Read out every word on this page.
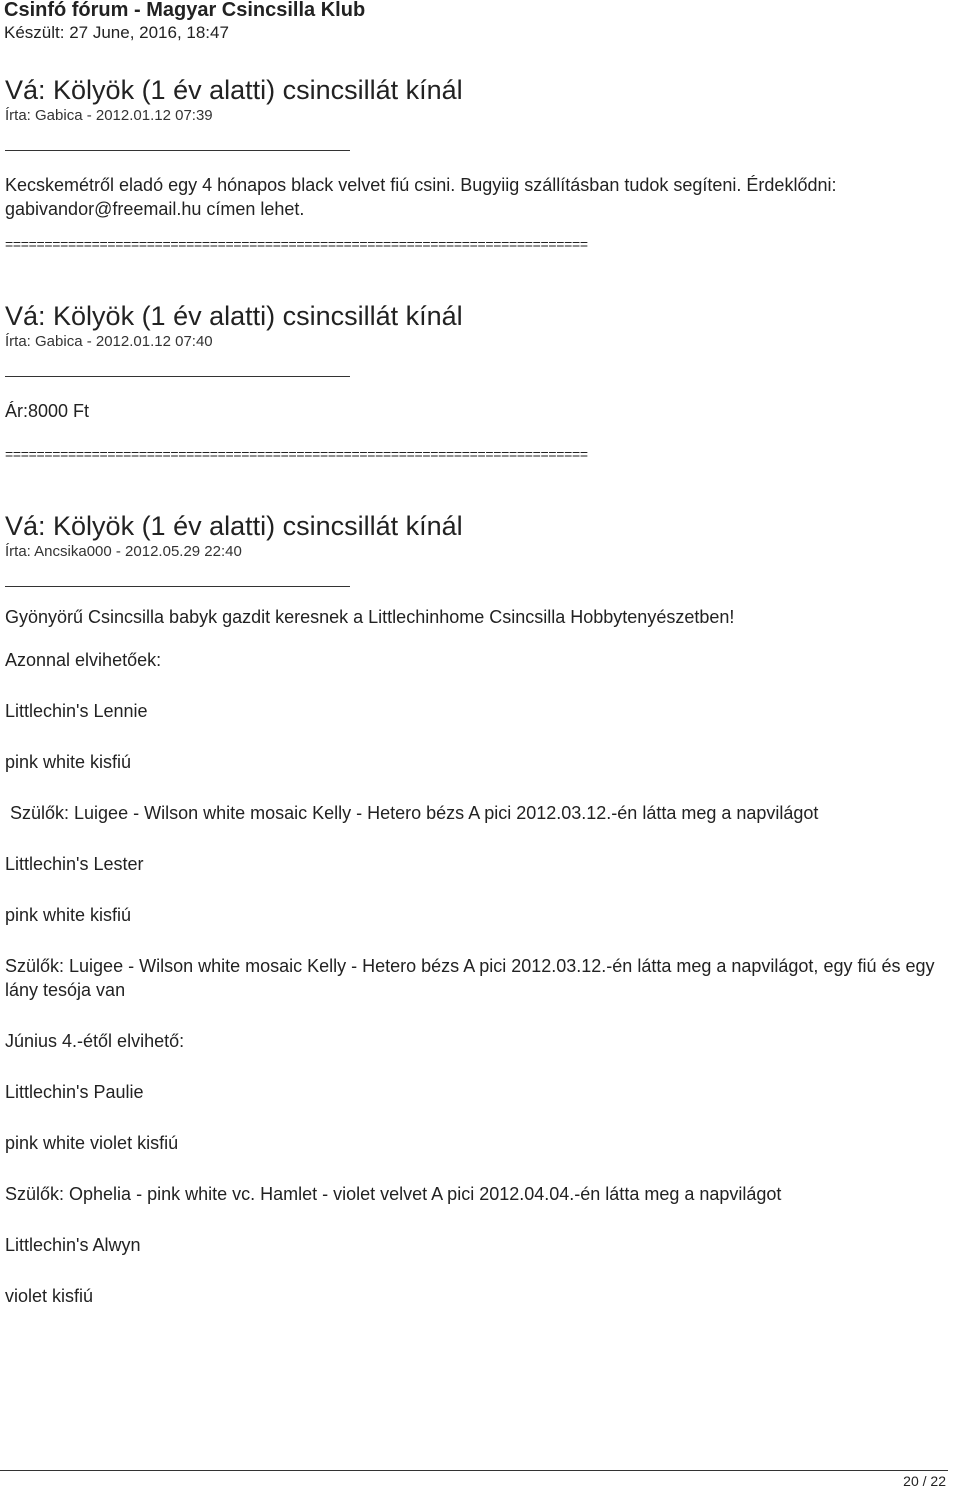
Csinfó fórum - Magyar Csincsilla Klub
Készült: 27 June, 2016, 18:47
Vá: Kölyök (1 év alatti) csincsillát kínál
Írta: Gabica - 2012.01.12 07:39

Kecskemétről eladó egy 4 hónapos black velvet fiú csini. Bugyiig szállításban tudok segíteni. Érdeklődni: gabivandor@freemail.hu címen lehet.

==========================================================================
Vá: Kölyök (1 év alatti) csincsillát kínál
Írta: Gabica - 2012.01.12 07:40

Ár:8000 Ft

==========================================================================
Vá: Kölyök (1 év alatti) csincsillát kínál
Írta: Ancsika000 - 2012.05.29 22:40

Gyönyörű Csincsilla babyk gazdit keresnek a Littlechinhome Csincsilla Hobbytenyészetben!

Azonnal elvihetőek:

Littlechin's Lennie

pink white kisfiú

Szülők: Luigee - Wilson white mosaic Kelly - Hetero bézs A pici 2012.03.12.-én látta meg a napvilágot

Littlechin's Lester

pink white kisfiú

Szülők: Luigee - Wilson white mosaic Kelly - Hetero bézs A pici 2012.03.12.-én látta meg a napvilágot, egy fiú és egy lány tesója van

Június 4.-étől elvihető:

Littlechin's Paulie

pink white violet kisfiú

Szülők: Ophelia - pink white vc. Hamlet - violet velvet A pici 2012.04.04.-én látta meg a napvilágot

Littlechin's Alwyn

violet kisfiú

20 / 22
